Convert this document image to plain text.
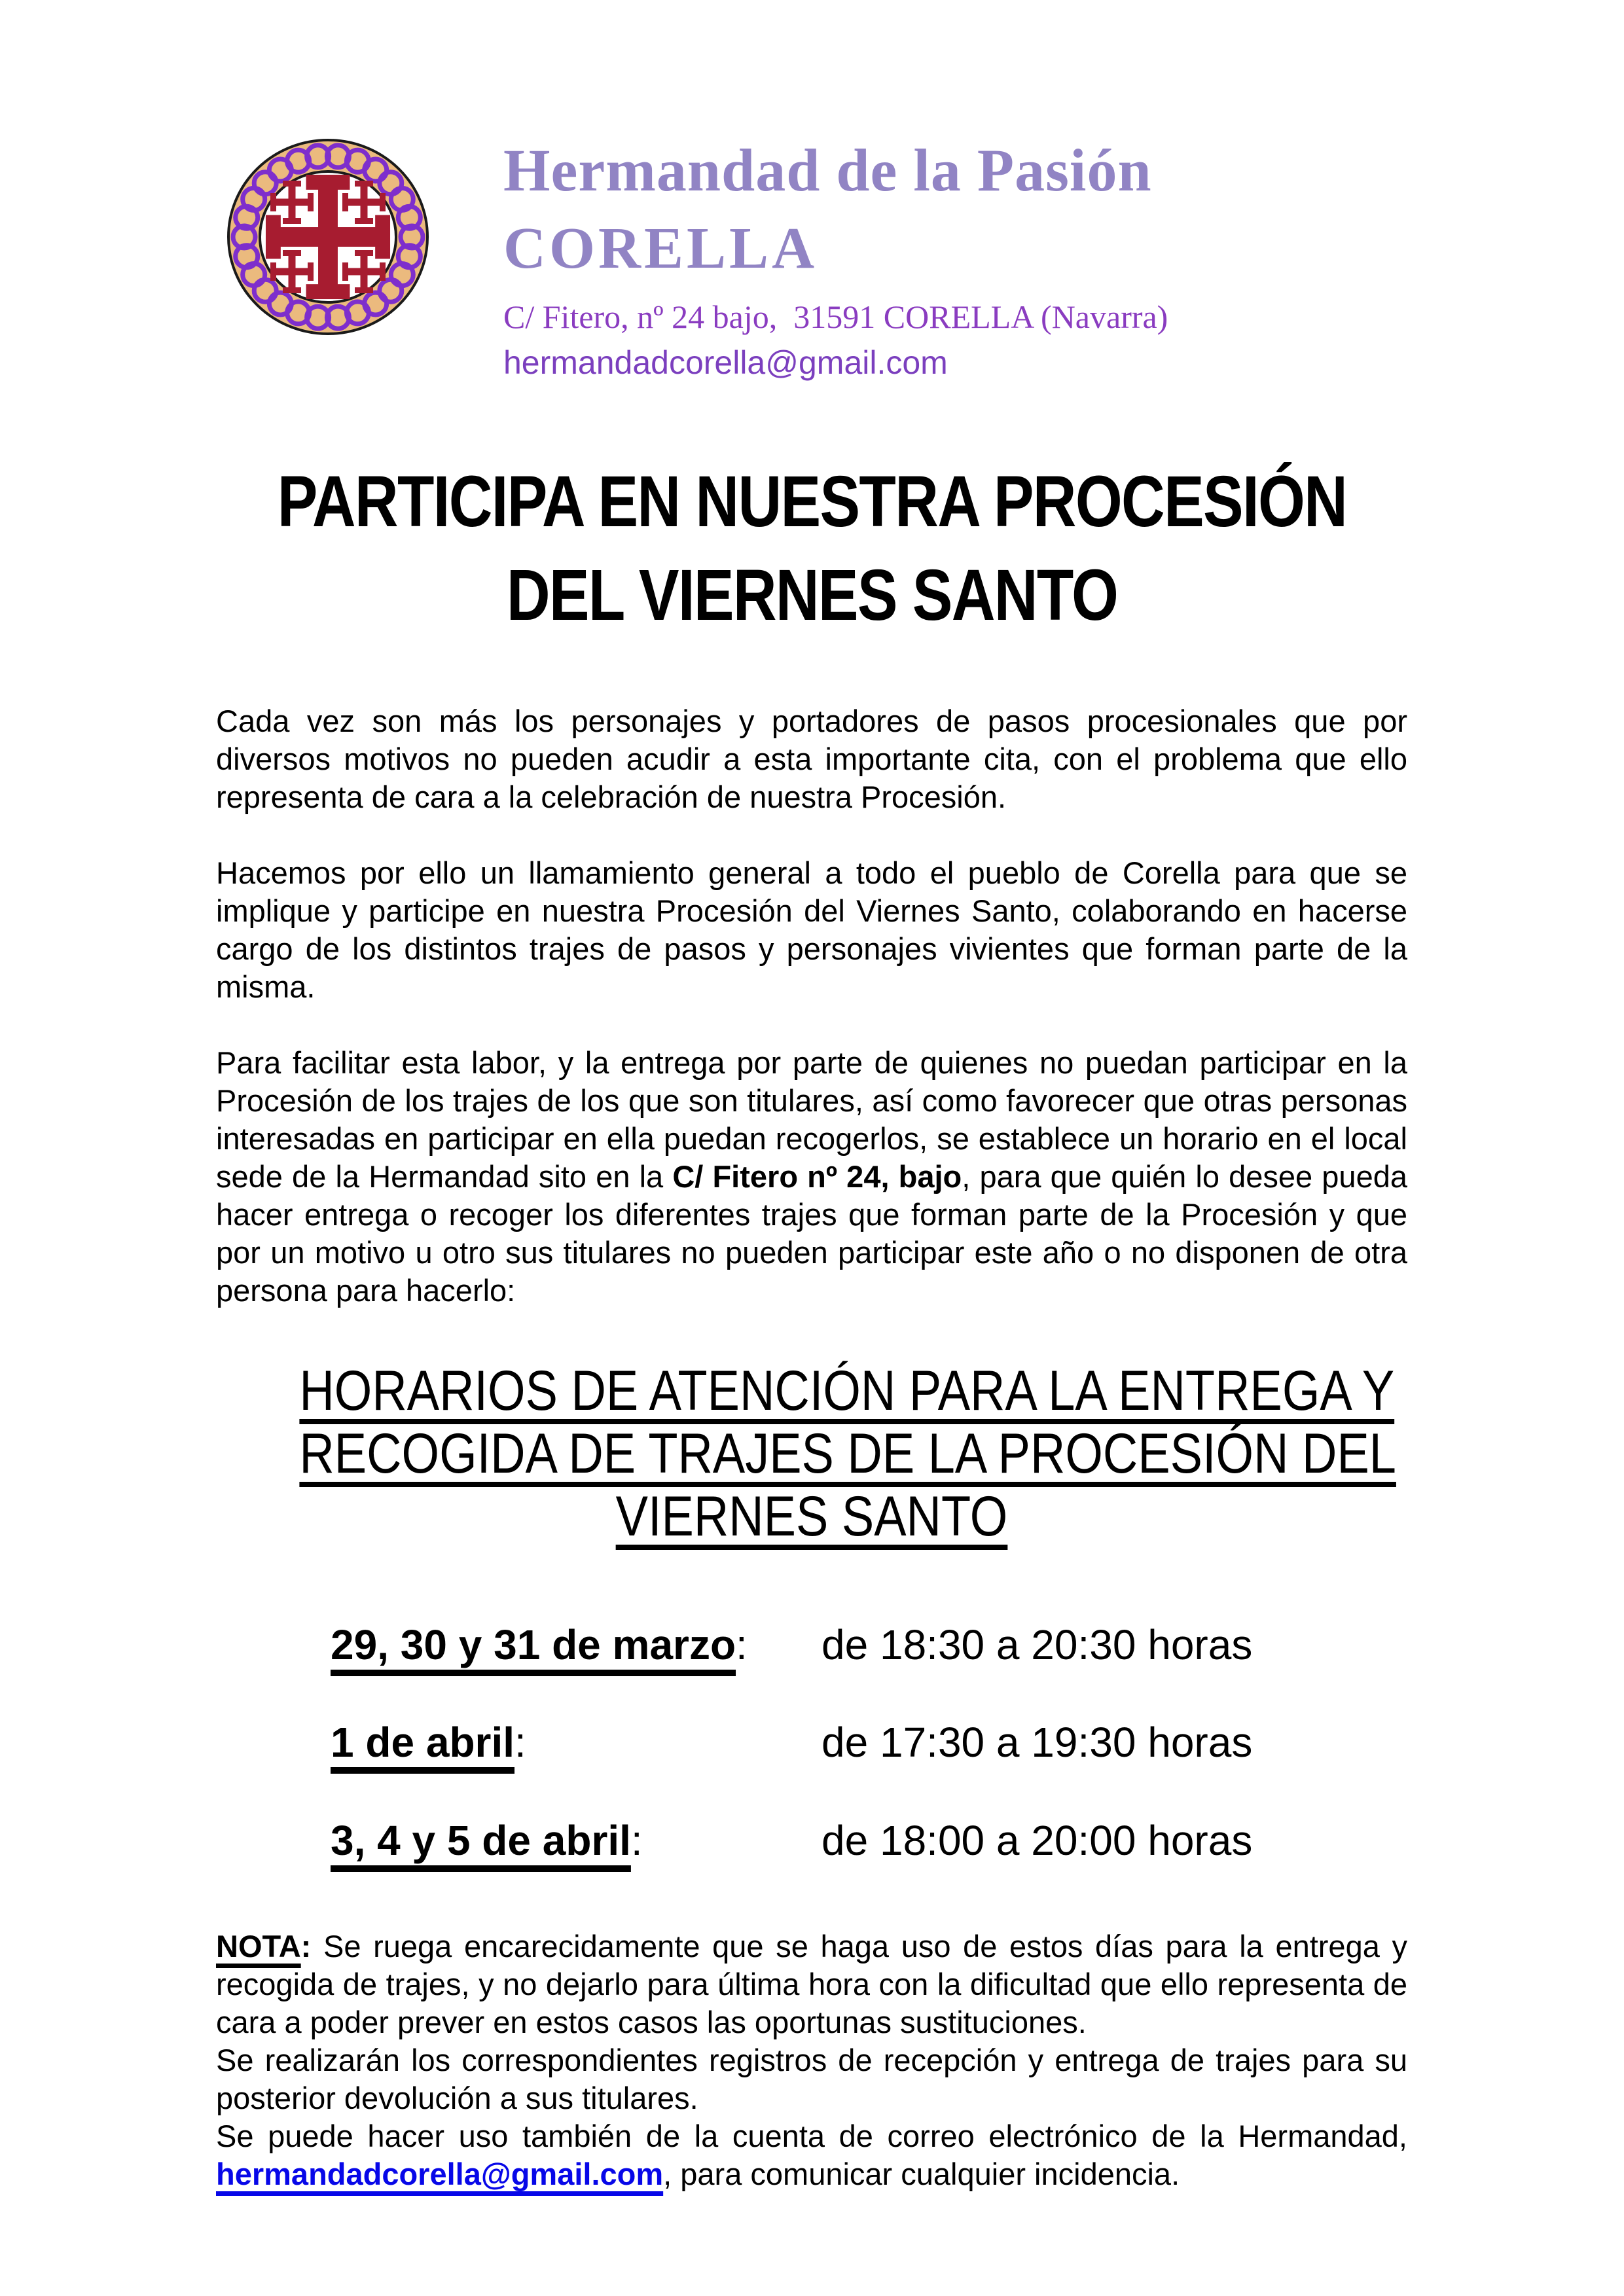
Hermandad de la Pasión
CORELLA
C/ Fitero, nº 24 bajo,  31591 CORELLA (Navarra)
hermandadcorella@gmail.com
PARTICIPA EN NUESTRA PROCESIÓN
DEL VIERNES SANTO

Cada vez son más los personajes y portadores de pasos procesionales que por diversos motivos no pueden acudir a esta importante cita, con el problema que ello representa de cara a la celebración de nuestra Procesión.

Hacemos por ello un llamamiento general a todo el pueblo de Corella para que se implique y participe en nuestra Procesión del Viernes Santo, colaborando en hacerse cargo de los distintos trajes de pasos y personajes vivientes que forman parte de la misma.

Para facilitar esta labor, y la entrega por parte de quienes no puedan participar en la Procesión de los trajes de los que son titulares, así como favorecer que otras personas interesadas en participar en ella puedan recogerlos, se establece un horario en el local sede de la Hermandad sito en la C/ Fitero nº 24, bajo, para que quién lo desee pueda hacer entrega o recoger los diferentes trajes que forman parte de la Procesión y que por un motivo u otro sus titulares no pueden participar este año o no disponen de otra persona para hacerlo:

HORARIOS DE ATENCIÓN PARA LA ENTREGA Y
RECOGIDA DE TRAJES DE LA PROCESIÓN DEL
VIERNES SANTO
29, 30 y 31 de marzo:	de 18:30 a 20:30 horas
1 de abril:	de 17:30 a 19:30 horas
3, 4 y 5 de abril:	de 18:00 a 20:00 horas

NOTA: Se ruega encarecidamente que se haga uso de estos días para la entrega y recogida de trajes, y no dejarlo para última hora con la dificultad que ello representa de cara a poder prever en estos casos las oportunas sustituciones.

Se realizarán los correspondientes registros de recepción y entrega de trajes para su posterior devolución a sus titulares.

Se puede hacer uso también de la cuenta de correo electrónico de la Hermandad, hermandadcorella@gmail.com, para comunicar cualquier incidencia.
